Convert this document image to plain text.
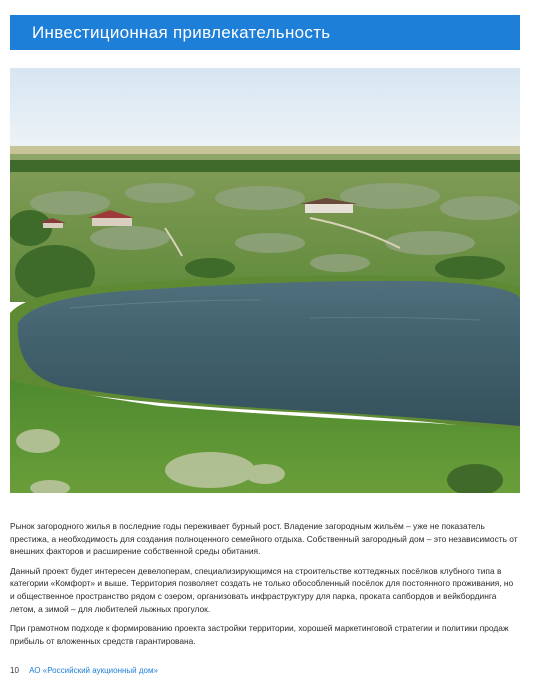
Инвестиционная привлекательность

Рынок загородного жилья в последние годы переживает бурный рост. Владение загородным жильём – уже не показатель престижа, а необходимость для создания полноценного семейного отдыха. Собственный загородный дом – это независимость от внешних факторов и расширение собственной среды обитания.

Данный проект будет интересен девелоперам, специализирующимся на строительстве коттеджных посёлков клубного типа в категории «Комфорт» и выше. Территория позволяет создать не только обособленный посёлок для постоянного проживания, но и общественное пространство рядом с озером, организовать инфраструктуру для парка, проката сапбордов и вейкбординга летом, а зимой – для любителей лыжных прогулок.

При грамотном подходе к формированию проекта застройки территории, хорошей маркетинговой стратегии и политики продаж прибыль от вложенных средств гарантирована.

10 АО «Российский аукционный дом»
